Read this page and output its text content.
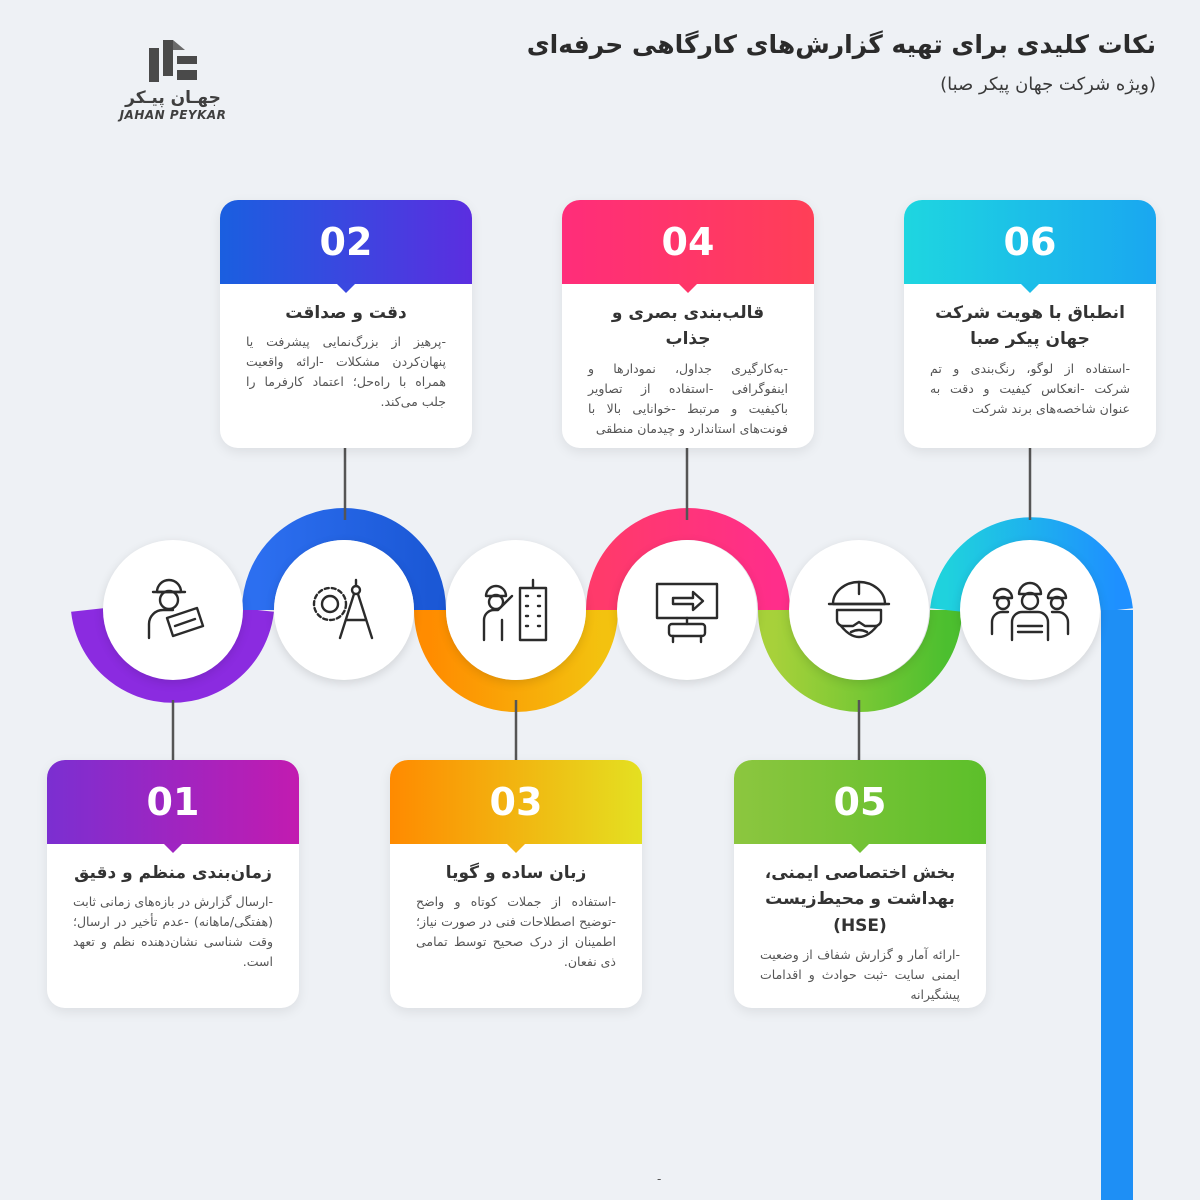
نکات کلیدی برای تهیه گزارش‌های کارگاهی حرفه‌ای
(ویژه شرکت جهان پیکر صبا)
جهـان پیـکر
JAHAN PEYKAR
02
دقت و صداقت
-پرهیز از بزرگ‌نمایی پیشرفت یا پنهان‌کردن مشکلات -ارائه واقعیت همراه با راه‌حل؛ اعتماد کارفرما را جلب می‌کند.
04
قالب‌بندی بصری و جذاب
-به‌کارگیری جداول، نمودارها و اینفوگرافی -استفاده از تصاویر باکیفیت و مرتبط -خوانایی بالا با فونت‌های استاندارد و چیدمان منطقی
06
انطباق با هویت شرکت جهان پیکر صبا
-استفاده از لوگو، رنگ‌بندی و تم شرکت -انعکاس کیفیت و دقت به عنوان شاخصه‌های برند شرکت
01
زمان‌بندی منظم و دقیق
-ارسال گزارش در بازه‌های زمانی ثابت (هفتگی/ماهانه) -عدم تأخیر در ارسال؛ وقت شناسی نشان‌دهنده نظم و تعهد است.
03
زبان ساده و گویا
-استفاده از جملات کوتاه و واضح -توضیح اصطلاحات فنی در صورت نیاز؛ اطمینان از درک صحیح توسط تمامی ذی نفعان.
05
بخش اختصاصی ایمنی، بهداشت و محیط‌زیست (HSE)
-ارائه آمار و گزارش شفاف از وضعیت ایمنی سایت -ثبت حوادث و اقدامات پیشگیرانه
-
